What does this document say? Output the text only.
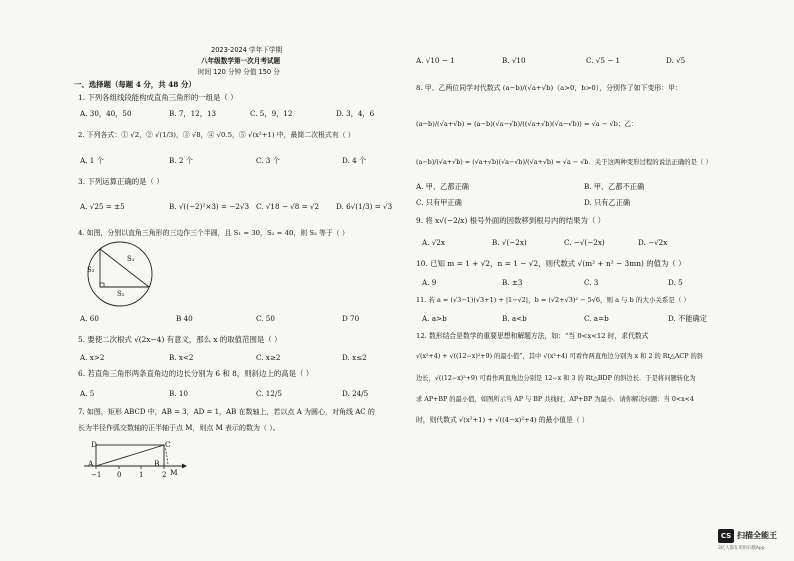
2023-2024 学年下学期
八年级数学第一次月考试题
时间 120 分钟 分值 150 分
一、选择题（每题 4 分，共 48 分）
1. 下列各组线段能构成直角三角形的一组是（ ）
A. 30，40，50	B. 7，12，13	C. 5，9，12	D. 3，4，6
2. 下列各式：① √2，② √(1/3)，③ √8，④ √0.5，⑤ √(x²+1) 中，最简二次根式有（ ）
A. 1 个	B. 2 个	C. 3 个	D. 4 个
3. 下列运算正确的是（ ）
A. √25 = ±5	B. √((−2)²×3) = −2√3 C. √18 − √8 = √2 D. 6√(1/3) = √3
4. 如图，分别以直角三角形的三边作三个半圆，且 S₁ = 30，S₂ = 40，则 S₃ 等于（ ）
S₃
S₁
S₂
A. 60	B 40	C. 50	D 70
5. 要使二次根式 √(2x−4) 有意义，那么 x 的取值范围是（ ）
A. x>2	B. x<2	C. x≥2	D. x≤2
6. 若直角三角形两条直角边的边长分别为 6 和 8，则斜边上的高是（ ）
A. 5	B. 10	C. 12/5	D. 24/5
7. 如图，矩形 ABCD 中，AB = 3，AD = 1，AB 在数轴上，若以点 A 为圆心，对角线 AC 的
长为半径作弧交数轴的正半轴于点 M，则点 M 表示的数为（ ）。
D	C
A	B
M
−1 0	1	2
A. √10 − 1	B. √10	C. √5 − 1	D. √5
8. 甲、乙两位同学对代数式 (a−b)/(√a+√b)（a>0，b>0），分别作了如下变形：甲：
(a−b)/(√a+√b) = (a−b)(√a−√b)/((√a+√b)(√a−√b)) = √a − √b；乙：
(a−b)/(√a+√b) = (√a+√b)(√a−√b)/(√a+√b) = √a − √b．关于这两种变形过程的说法正确的是（ ）
A. 甲、乙都正确	B. 甲、乙都不正确
C. 只有甲正确	D. 只有乙正确
9. 将 x√(−2/x) 根号外面的因数移到根号内的结果为（ ）
A. √2x	B. √(−2x)	C. −√(−2x)	D. −√2x
10. 已知 m = 1 + √2，n = 1 − √2，则代数式 √(m² + n² − 3mn) 的值为（ ）
A. 9	B. ±3	C. 3	D. 5
11. 若 a = (√3−1)(√3+1) + |1−√2|，b = (√2+√3)² − 5√6，则 a 与 b 的大小关系是（ ）
A. a>b	B. a<b	C. a=b	D. 不能确定
12. 数形结合是数学的重要思想和解题方法，如：“当 0<x<12 时，求代数式
√(x²+4) + √((12−x)²+9) 的最小值”，其中 √(x²+4) 可看作两直角边分别为 x 和 2 的 Rt△ACP 的斜
边长，√((12−x)²+9) 可看作两直角边分别是 12−x 和 3 的 Rt△BDP 的斜边长．于是将问题转化为
求 AP+BP 的最小值，如图所示当 AP 与 BP 共线时，AP+BP 为最小．请你解决问题：当 0<x<4
时，则代数式 √(x²+1) + √((4−x)²+4) 的最小值是（ ）
CS 扫描全能王
3亿人都在用的扫描App
